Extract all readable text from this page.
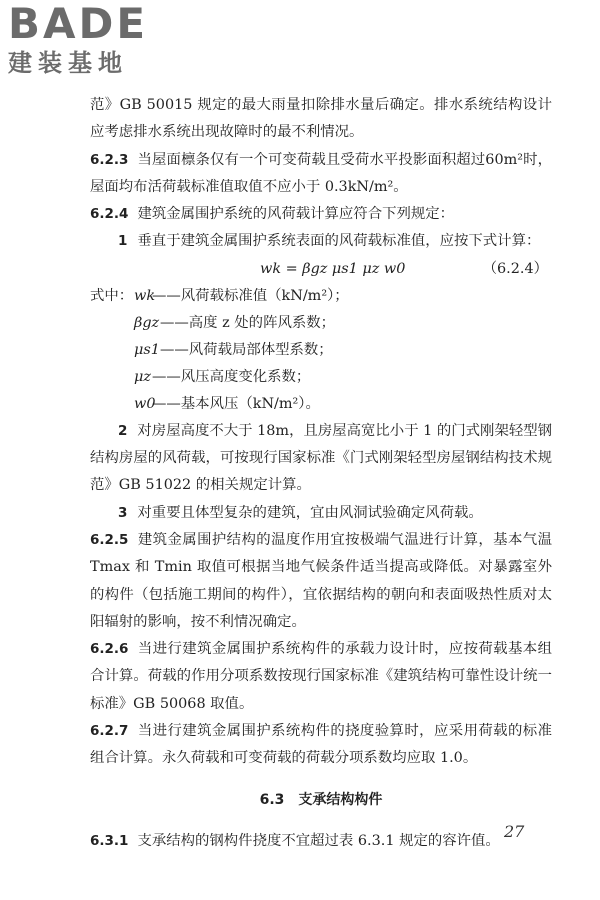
BADE
建装基地

范》GB 50015 规定的最大雨量扣除排水量后确定。排水系统结构设计应考虑排水系统出现故障时的最不利情况。

6.2.3 当屋面檩条仅有一个可变荷载且受荷水平投影面积超过60m²时，屋面均布活荷载标准值取值不应小于 0.3kN/m²。

6.2.4 建筑金属围护系统的风荷载计算应符合下列规定：

1 垂直于建筑金属围护系统表面的风荷载标准值，应按下式计算：

wk = βgz μs1 μz w0	（6.2.4）
式中： wk
——风荷载标准值（kN/m²）；
βgz ——高度 z 处的阵风系数；
μs1 ——风荷载局部体型系数；
μz ——风压高度变化系数；
w0
——基本风压（kN/m²）。

2 对房屋高度不大于 18m，且房屋高宽比小于 1 的门式刚架轻型钢结构房屋的风荷载，可按现行国家标准《门式刚架轻型房屋钢结构技术规范》GB 51022 的相关规定计算。

3 对重要且体型复杂的建筑，宜由风洞试验确定风荷载。

6.2.5 建筑金属围护结构的温度作用宜按极端气温进行计算，基本气温 Tmax 和 Tmin 取值可根据当地气候条件适当提高或降低。对暴露室外的构件（包括施工期间的构件），宜依据结构的朝向和表面吸热性质对太阳辐射的影响，按不利情况确定。

6.2.6 当进行建筑金属围护系统构件的承载力设计时，应按荷载基本组合计算。荷载的作用分项系数按现行国家标准《建筑结构可靠性设计统一标准》GB 50068 取值。

6.2.7 当进行建筑金属围护系统构件的挠度验算时，应采用荷载的标准组合计算。永久荷载和可变荷载的荷载分项系数均应取 1.0。

6.3 支承结构构件

6.3.1 支承结构的钢构件挠度不宜超过表 6.3.1 规定的容许值。 27
